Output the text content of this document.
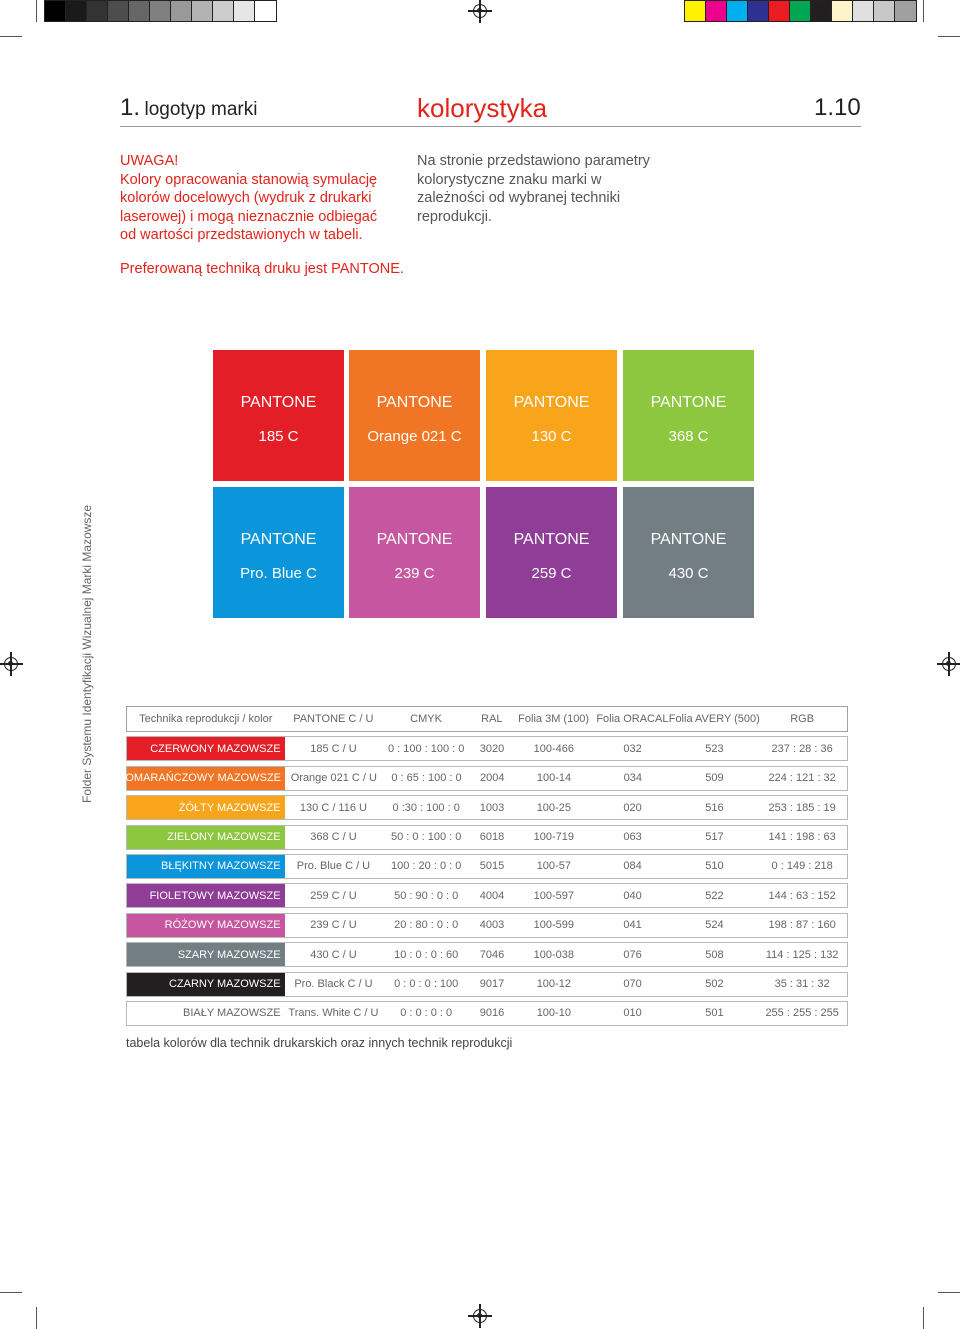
1. logotyp marki	kolorystyka	1.10
UWAGA!
Kolory opracowania stanowią symulację
kolorów docelowych (wydruk z drukarki
laserowej) i mogą nieznacznie odbiegać
od wartości przedstawionych w tabeli.
Na stronie przedstawiono parametry kolorystyczne znaku marki w zależności od wybranej techniki reprodukcji.
Preferowaną techniką druku jest PANTONE.
Folder Systemu Identyfikacji Wizualnej Marki Mazowsze
PANTONE
185 C
PANTONE
Orange 021 C
PANTONE
130 C
PANTONE
368 C
PANTONE
Pro. Blue C
PANTONE
239 C
PANTONE
259 C
PANTONE
430 C
Technika reprodukcji / kolor	PANTONE C / U	CMYK	RAL	Folia 3M (100) Folia ORACAL Folia AVERY (500)	RGB
CZERWONY MAZOWSZE	185 C / U	0 : 100 : 100 : 0	3020	100-466	032	523	237 : 28 : 36
POMARAŃCZOWY MAZOWSZE Orange 021 C / U	0 : 65 : 100 : 0	2004	100-14	034	509	224 : 121 : 32
ŻÓŁTY MAZOWSZE	130 C / 116 U	0 :30 : 100 : 0	1003	100-25	020	516	253 : 185 : 19
ZIELONY MAZOWSZE	368 C / U	50 : 0 : 100 : 0	6018	100-719	063	517	141 : 198 : 63
BŁĘKITNY MAZOWSZE	Pro. Blue C / U	100 : 20 : 0 : 0	5015	100-57	084	510	0 : 149 : 218
FIOLETOWY MAZOWSZE	259 C / U	50 : 90 : 0 : 0	4004	100-597	040	522	144 : 63 : 152
RÓŻOWY MAZOWSZE	239 C / U	20 : 80 : 0 : 0	4003	100-599	041	524	198 : 87 : 160
SZARY MAZOWSZE	430 C / U	10 : 0 : 0 : 60	7046	100-038	076	508	114 : 125 : 132
CZARNY MAZOWSZE	Pro. Black C / U	0 : 0 : 0 : 100	9017	100-12	070	502	35 : 31 : 32
BIAŁY MAZOWSZE Trans. White C / U	0 : 0 : 0 : 0	9016	100-10	010	501	255 : 255 : 255
tabela kolorów dla technik drukarskich oraz innych technik reprodukcji
